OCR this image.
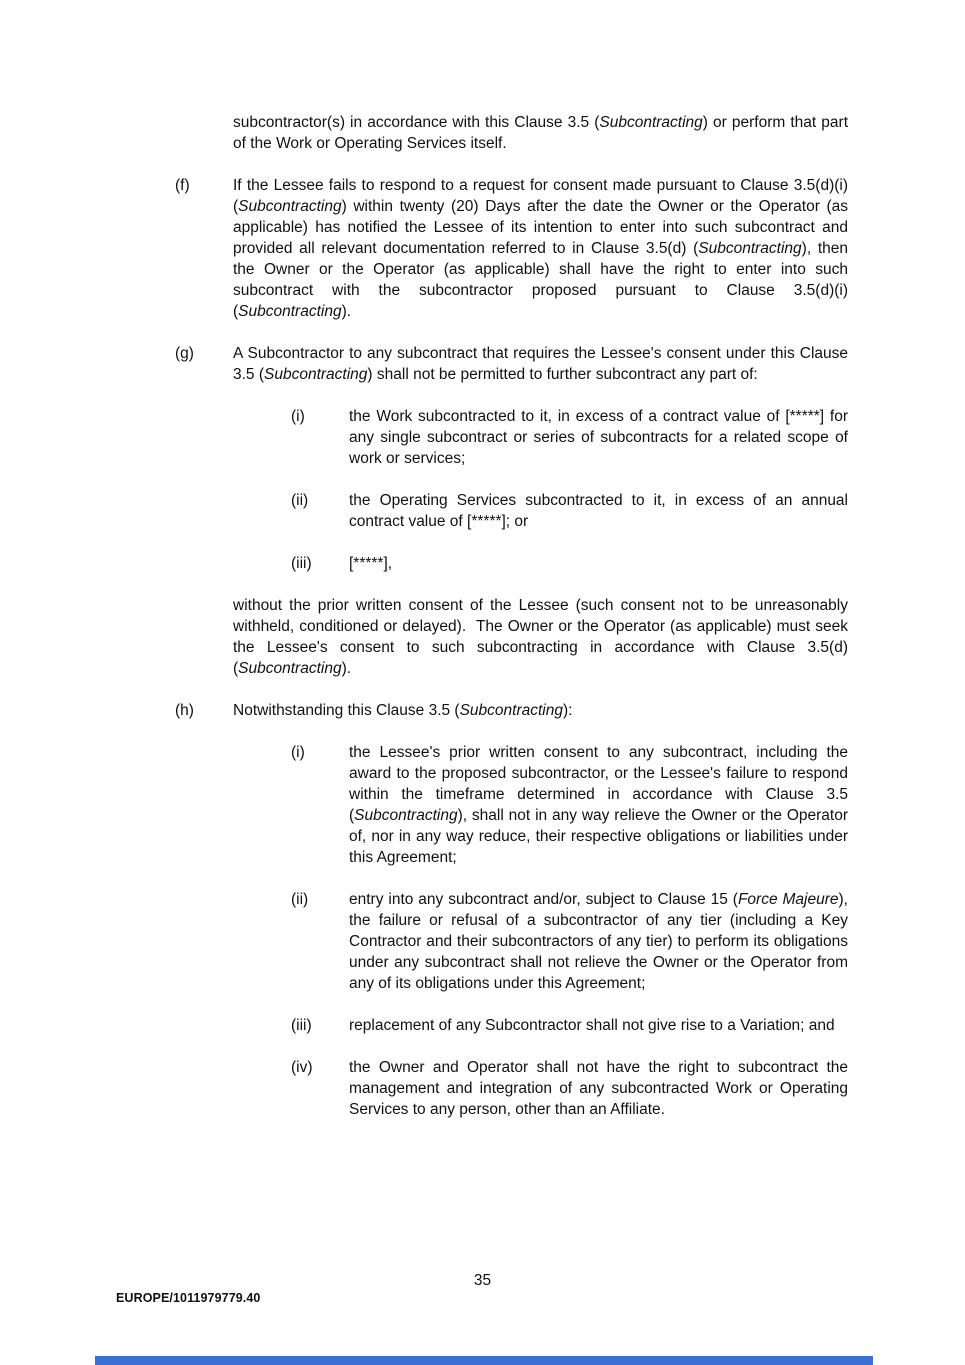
subcontractor(s) in accordance with this Clause 3.5 (Subcontracting) or perform that part of the Work or Operating Services itself.
(f)	If the Lessee fails to respond to a request for consent made pursuant to Clause 3.5(d)(i) (Subcontracting) within twenty (20) Days after the date the Owner or the Operator (as applicable) has notified the Lessee of its intention to enter into such subcontract and provided all relevant documentation referred to in Clause 3.5(d) (Subcontracting), then the Owner or the Operator (as applicable) shall have the right to enter into such subcontract with the subcontractor proposed pursuant to Clause 3.5(d)(i) (Subcontracting).
(g)	A Subcontractor to any subcontract that requires the Lessee's consent under this Clause 3.5 (Subcontracting) shall not be permitted to further subcontract any part of:
(i)	the Work subcontracted to it, in excess of a contract value of [*****] for any single subcontract or series of subcontracts for a related scope of work or services;
(ii)	the Operating Services subcontracted to it, in excess of an annual contract value of [*****]; or
(iii)	[*****],
without the prior written consent of the Lessee (such consent not to be unreasonably withheld, conditioned or delayed).  The Owner or the Operator (as applicable) must seek the Lessee's consent to such subcontracting in accordance with Clause 3.5(d) (Subcontracting).
(h)	Notwithstanding this Clause 3.5 (Subcontracting):
(i)	the Lessee's prior written consent to any subcontract, including the award to the proposed subcontractor, or the Lessee's failure to respond within the timeframe determined in accordance with Clause 3.5 (Subcontracting), shall not in any way relieve the Owner or the Operator of, nor in any way reduce, their respective obligations or liabilities under this Agreement;
(ii)	entry into any subcontract and/or, subject to Clause 15 (Force Majeure), the failure or refusal of a subcontractor of any tier (including a Key Contractor and their subcontractors of any tier) to perform its obligations under any subcontract shall not relieve the Owner or the Operator from any of its obligations under this Agreement;
(iii)	replacement of any Subcontractor shall not give rise to a Variation; and
(iv)	the Owner and Operator shall not have the right to subcontract the management and integration of any subcontracted Work or Operating Services to any person, other than an Affiliate.
35
EUROPE/1011979779.40
